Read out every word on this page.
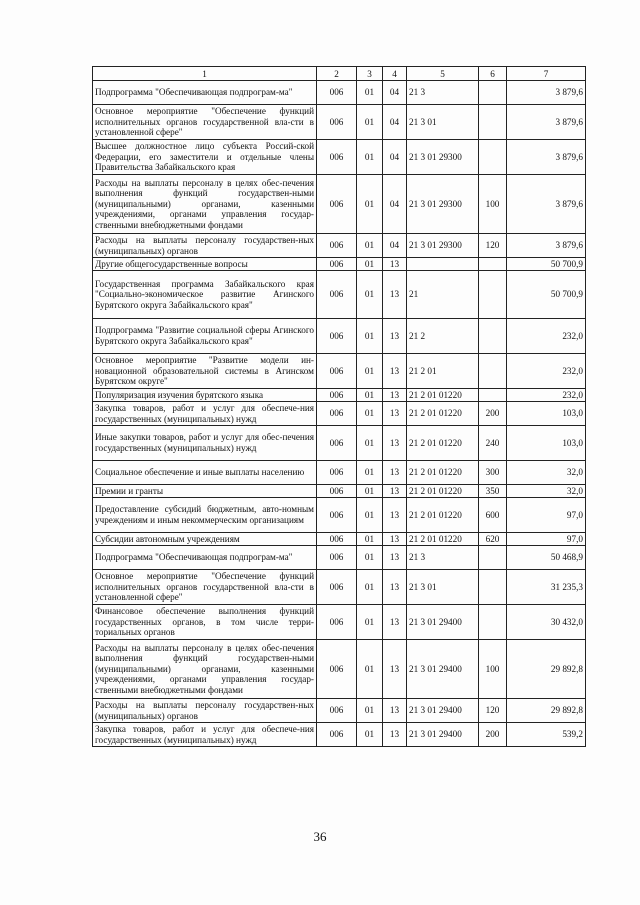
1	2	3	4	5	6	7
Подпрограмма "Обеспечивающая подпрограм-ма"	006	01	04	21 3		3 879,6
Основное мероприятие "Обеспечение функций исполнительных органов государственной вла-сти в установленной сфере"	006	01	04	21 3 01		3 879,6
Высшее должностное лицо субъекта Россий-ской Федерации, его заместители и отдельные члены Правительства Забайкальского края	006	01	04	21 3 01 29300		3 879,6
Расходы на выплаты персоналу в целях обес-печения выполнения функций государствен-ными (муниципальными) органами, казенными учреждениями, органами управления государ-ственными внебюджетными фондами	006	01	04	21 3 01 29300	100	3 879,6
Расходы на выплаты персоналу государствен-ных (муниципальных) органов	006	01	04	21 3 01 29300	120	3 879,6
Другие общегосударственные вопросы	006	01	13			50 700,9
Государственная программа Забайкальского края "Социально-экономическое развитие Агинского Бурятского округа Забайкальского края"	006	01	13	21		50 700,9
Подпрограмма "Развитие социальной сферы Агинского Бурятского округа Забайкальского края"	006	01	13	21 2		232,0
Основное мероприятие "Развитие модели ин-новационной образовательной системы в Агинском Бурятском округе"	006	01	13	21 2 01		232,0
Популяризация изучения бурятского языка	006	01	13	21 2 01 01220		232,0
Закупка товаров, работ и услуг для обеспече-ния государственных (муниципальных) нужд	006	01	13	21 2 01 01220	200	103,0
Иные закупки товаров, работ и услуг для обес-печения государственных (муниципальных) нужд	006	01	13	21 2 01 01220	240	103,0
Социальное обеспечение и иные выплаты населению	006	01	13	21 2 01 01220	300	32,0
Премии и гранты	006	01	13	21 2 01 01220	350	32,0
Предоставление субсидий бюджетным, авто-номным учреждениям и иным некоммерческим организациям	006	01	13	21 2 01 01220	600	97,0
Субсидии автономным учреждениям	006	01	13	21 2 01 01220	620	97,0
Подпрограмма "Обеспечивающая подпрограм-ма"	006	01	13	21 3		50 468,9
Основное мероприятие "Обеспечение функций исполнительных органов государственной вла-сти в установленной сфере"	006	01	13	21 3 01		31 235,3
Финансовое обеспечение выполнения функций государственных органов, в том числе терри-ториальных органов	006	01	13	21 3 01 29400		30 432,0
Расходы на выплаты персоналу в целях обес-печения выполнения функций государствен-ными (муниципальными) органами, казенными учреждениями, органами управления государ-ственными внебюджетными фондами	006	01	13	21 3 01 29400	100	29 892,8
Расходы на выплаты персоналу государствен-ных (муниципальных) органов	006	01	13	21 3 01 29400	120	29 892,8
Закупка товаров, работ и услуг для обеспече-ния государственных (муниципальных) нужд	006	01	13	21 3 01 29400	200	539,2
36
